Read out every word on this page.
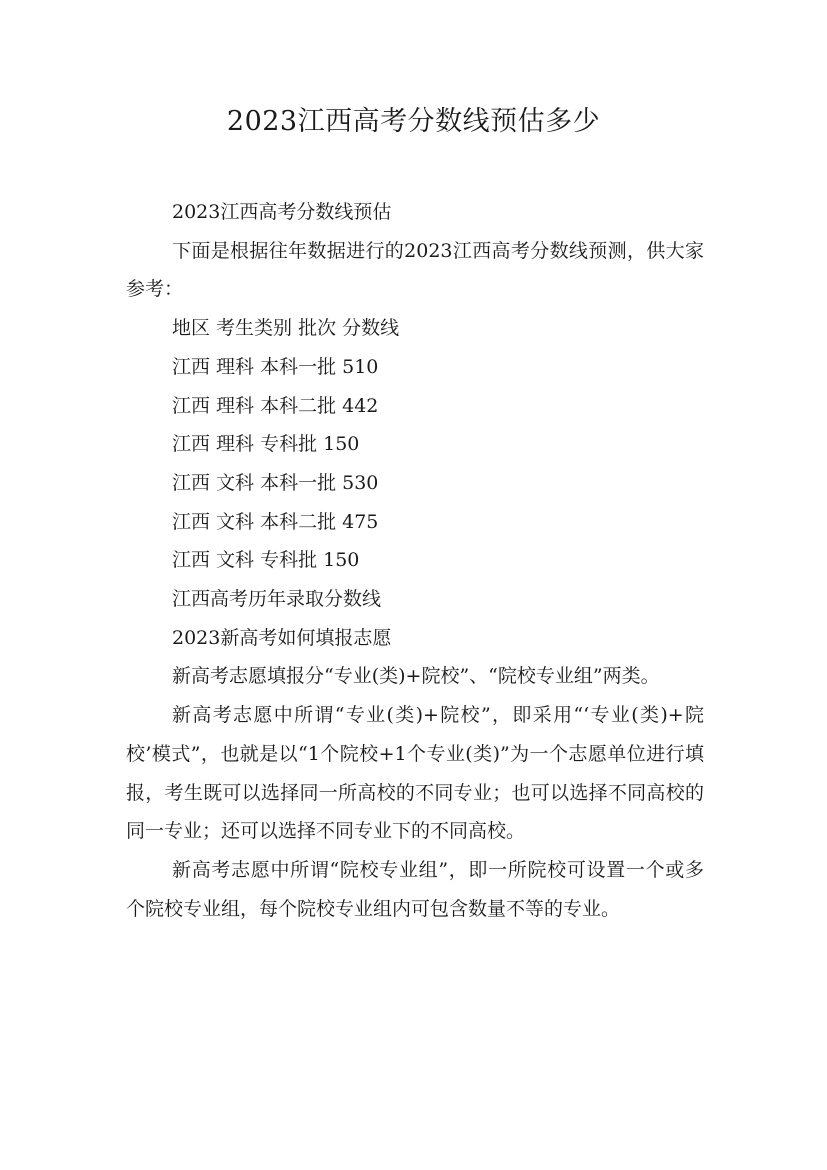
2023江西高考分数线预估多少

2023江西高考分数线预估

下面是根据往年数据进行的2023江西高考分数线预测，供大家参考：

地区 考生类别 批次 分数线

江西 理科 本科一批 510

江西 理科 本科二批 442

江西 理科 专科批 150

江西 文科 本科一批 530

江西 文科 本科二批 475

江西 文科 专科批 150

江西高考历年录取分数线

2023新高考如何填报志愿

新高考志愿填报分“专业(类)+院校”、“院校专业组”两类。

新高考志愿中所谓“专业(类)+院校”，即采用“‘专业(类)+院校’模式”，也就是以“1个院校+1个专业(类)”为一个志愿单位进行填报，考生既可以选择同一所高校的不同专业；也可以选择不同高校的同一专业；还可以选择不同专业下的不同高校。

新高考志愿中所谓“院校专业组”，即一所院校可设置一个或多个院校专业组，每个院校专业组内可包含数量不等的专业。
